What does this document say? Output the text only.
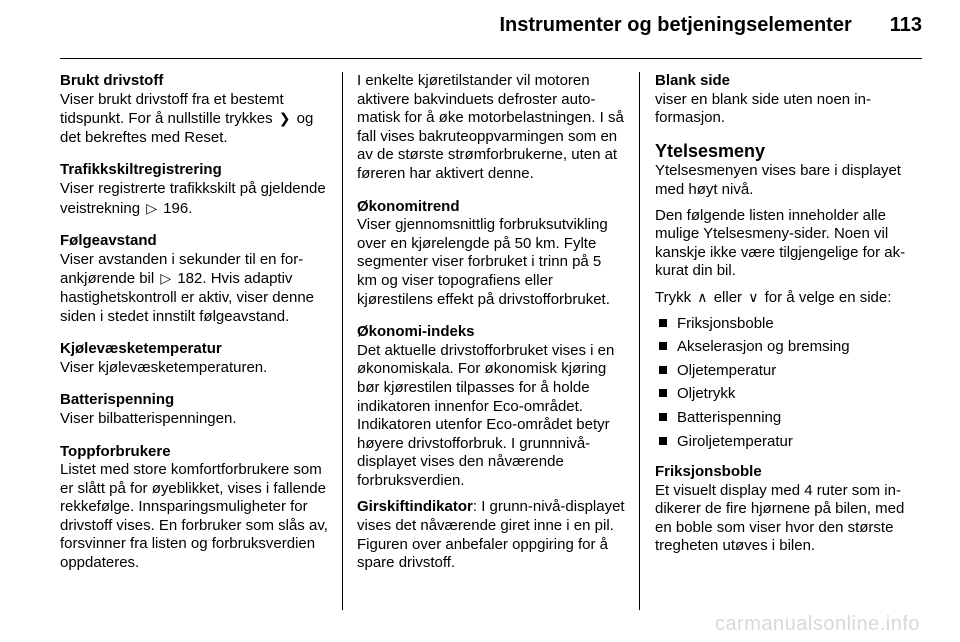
Instrumenter og betjeningselementer 113
Brukt drivstoff
Viser brukt drivstoff fra et bestemt tidspunkt. For å nullstille trykkes ❯ og det bekreftes med Reset.
Trafikkskiltregistrering
Viser registrerte trafikkskilt på gjeldende veistrekning ▷ 196.
Følgeavstand
Viser avstanden i sekunder til en forankjørende bil ▷ 182. Hvis adaptiv hastighetskontroll er aktiv, viser denne siden i stedet innstilt følgeavstand.
Kjølevæsketemperatur
Viser kjølevæsketemperaturen.
Batterispenning
Viser bilbatterispenningen.
Toppforbrukere
Listet med store komfortforbrukere som er slått på for øyeblikket, vises i fallende rekkefølge. Innsparingsmuligheter for drivstoff vises. En forbruker som slås av, forsvinner fra listen og forbruksverdien oppdateres.
I enkelte kjøretilstander vil motoren aktivere bakvinduets defroster automatisk for å øke motorbelastningen. I så fall vises bakruteoppvarmingen som en av de største strømforbrukerne, uten at føreren har aktivert denne.
Økonomitrend
Viser gjennomsnittlig forbruksutvikling over en kjørelengde på 50 km. Fylte segmenter viser forbruket i trinn på 5 km og viser topografiens eller kjørestilens effekt på drivstofforbruket.
Økonomi-indeks
Det aktuelle drivstofforbruket vises i en økonomiskala. For økonomisk kjøring bør kjørestilen tilpasses for å holde indikatoren innenfor Eco-området. Indikatoren utenfor Eco-området betyr høyere drivstofforbruk. I grunnnivå-displayet vises den nåværende forbruksverdien.
Girskiftindikator: I grunn-nivå-displayet vises det nåværende giret inne i en pil. Figuren over anbefaler oppgiring for å spare drivstoff.
Blank side
viser en blank side uten noen informasjon.
Ytelsesmeny

Ytelsesmenyen vises bare i displayet med høyt nivå.

Den følgende listen inneholder alle mulige Ytelsesmeny-sider. Noen vil kanskje ikke være tilgjengelige for akkurat din bil.

Trykk ∧ eller ∨ for å velge en side:

Friksjonsboble
Akselerasjon og bremsing
Oljetemperatur
Oljetrykk
Batterispenning
Giroljetemperatur
Friksjonsboble
Et visuelt display med 4 ruter som indikerer de fire hjørnene på bilen, med en boble som viser hvor den største tregheten utøves i bilen.
carmanualsonline.info
